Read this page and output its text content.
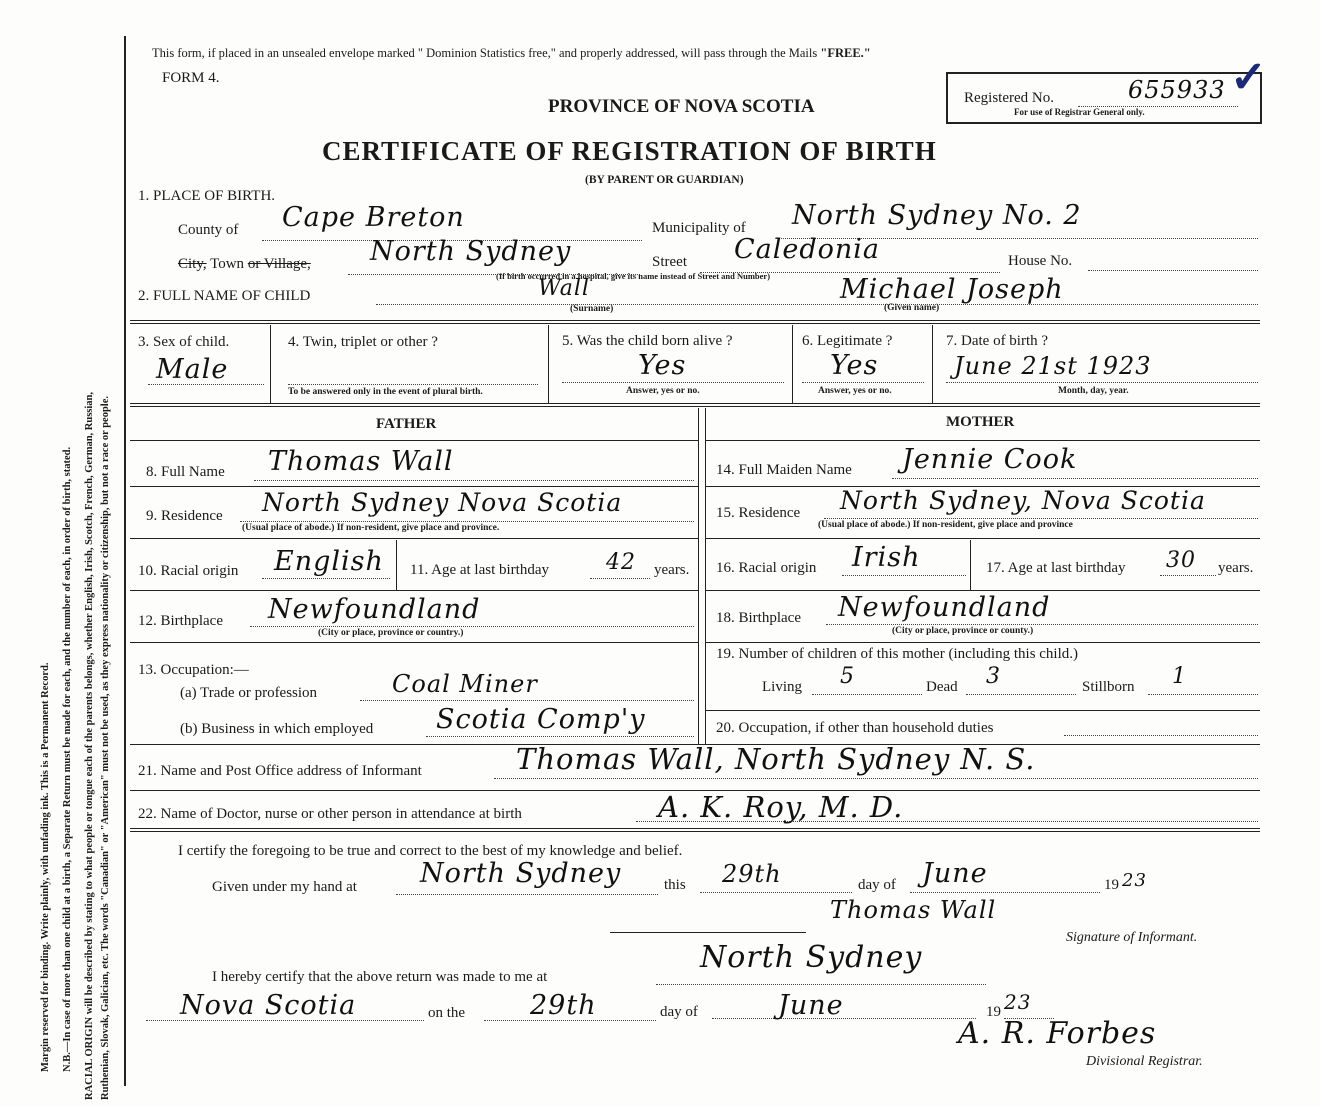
Margin reserved for binding. Write plainly, with unfading ink. This is a Permanent Record. N.B.—In case of more than one child at a birth, a Separate Return must be made for each, and the number of each, in order of birth, stated. RACIAL ORIGIN will be described by stating to what people or tongue each of the parents belongs, whether English, Irish, Scotch, French, German, Russian, Ruthenian, Slovak, Galician, etc. The words "Canadian" or "American" must not be used, as they express nationality or citizenship, but not a race or people.
This form, if placed in an unsealed envelope marked " Dominion Statistics free," and properly addressed, will pass through the Mails "FREE."
FORM 4.
PROVINCE OF NOVA SCOTIA
CERTIFICATE OF REGISTRATION OF BIRTH
(BY PARENT OR GUARDIAN)
Registered No.	655933 ✓
For use of Registrar General only.
1. PLACE OF BIRTH.
County of Cape Breton	Municipality of North Sydney No. 2
City, Town or Village, North Sydney	Street Caledonia
(If birth occurred in a hospital, give its name instead of Street and Number)
House No.
2. FULL NAME OF CHILD	Wall
(Surname)
Michael Joseph
(Given name)
3. Sex of child.
Male
4. Twin, triplet or other ?
To be answered only in the event of plural birth.
5. Was the child born alive ?
Yes
Answer, yes or no.
6. Legitimate ?
Yes
Answer, yes or no.
7. Date of birth ?
June 21st 1923
Month, day, year.
FATHER	MOTHER
8. Full Name Thomas Wall
9. Residence North Sydney Nova Scotia
(Usual place of abode.) If non-resident, give place and province.
10. Racial origin English 11. Age at last birthday	42 years.
12. Birthplace Newfoundland
(City or place, province or country.)
13. Occupation:—
(a) Trade or profession	Coal Miner
(b) Business in which employed Scotia Comp'y
14. Full Maiden Name Jennie Cook
15. Residence North Sydney, Nova Scotia
(Usual place of abode.) If non-resident, give place and province
16. Racial origin Irish	17. Age at last birthday 30 years.
18. Birthplace Newfoundland
(City or place, province or county.)
19. Number of children of this mother (including this child.)
Living 5	Dead 3	Stillborn 1
20. Occupation, if other than household duties
21. Name and Post Office address of Informant	Thomas Wall, North Sydney N. S.
22. Name of Doctor, nurse or other person in attendance at birth	A. K. Roy, M. D.
I certify the foregoing to be true and correct to the best of my knowledge and belief.
Given under my hand at North Sydney	this 29th	day of June	19 23
Thomas Wall
Signature of Informant.
I hereby certify that the above return was made to me at
North Sydney
Nova Scotia	on the 29th	day of	June	19 23
A. R. Forbes
Divisional Registrar.
